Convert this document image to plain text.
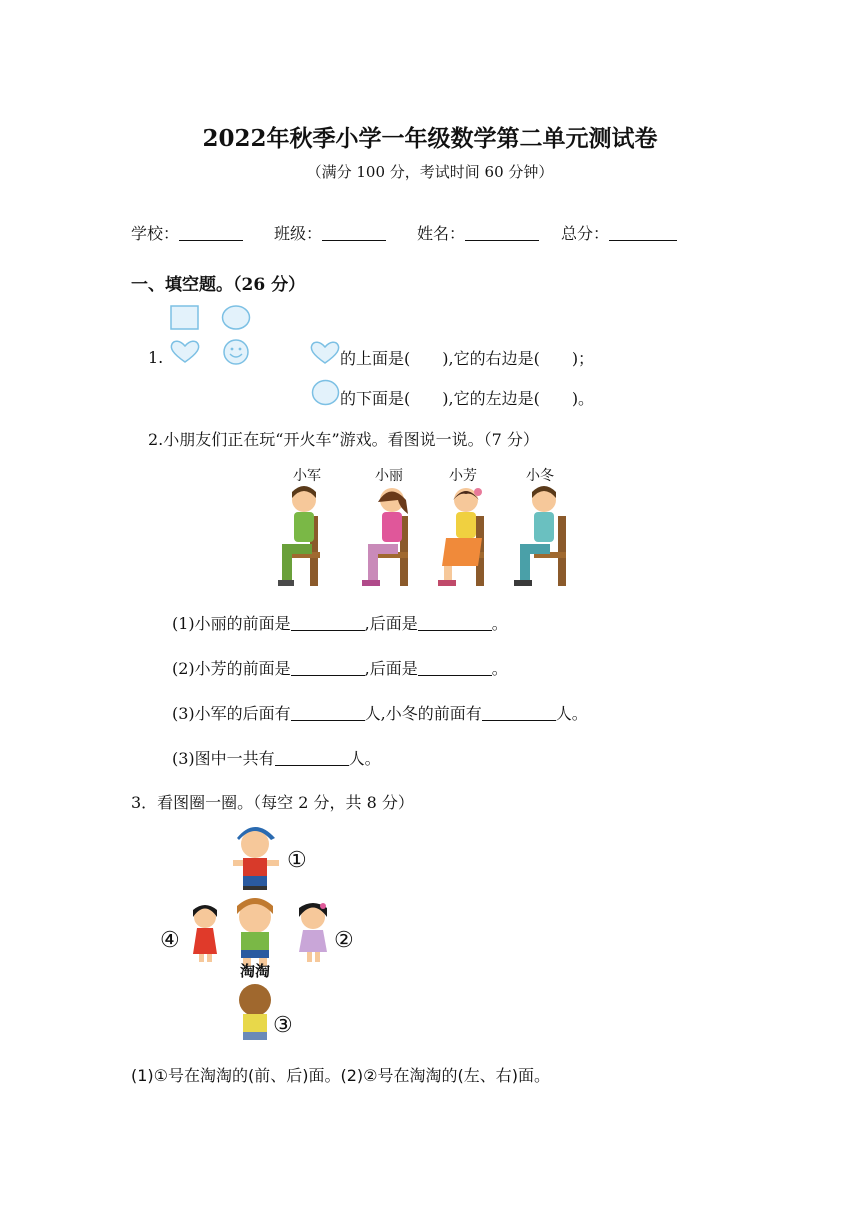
2022年秋季小学一年级数学第二单元测试卷
（满分 100 分，考试时间 60 分钟）
学校：	班级：	姓名：	总分：
一、填空题。（26 分）
1.	的上面是(　　),它的右边是(　　)；
的下面是(　　),它的左边是(　　)。
2.小朋友们正在玩“开火车”游戏。看图说一说。（7 分）
小军	小丽	小芳	小冬
(1)小丽的前面是	,后面是	。
(2)小芳的前面是	,后面是	。
(3)小军的后面有	人,小冬的前面有	人。
(3)图中一共有	人。
3．看图圈一圈。（每空 2 分，共 8 分）
①
②
③
④
淘淘
(1)①号在淘淘的(前、后)面。(2)②号在淘淘的(左、右)面。
